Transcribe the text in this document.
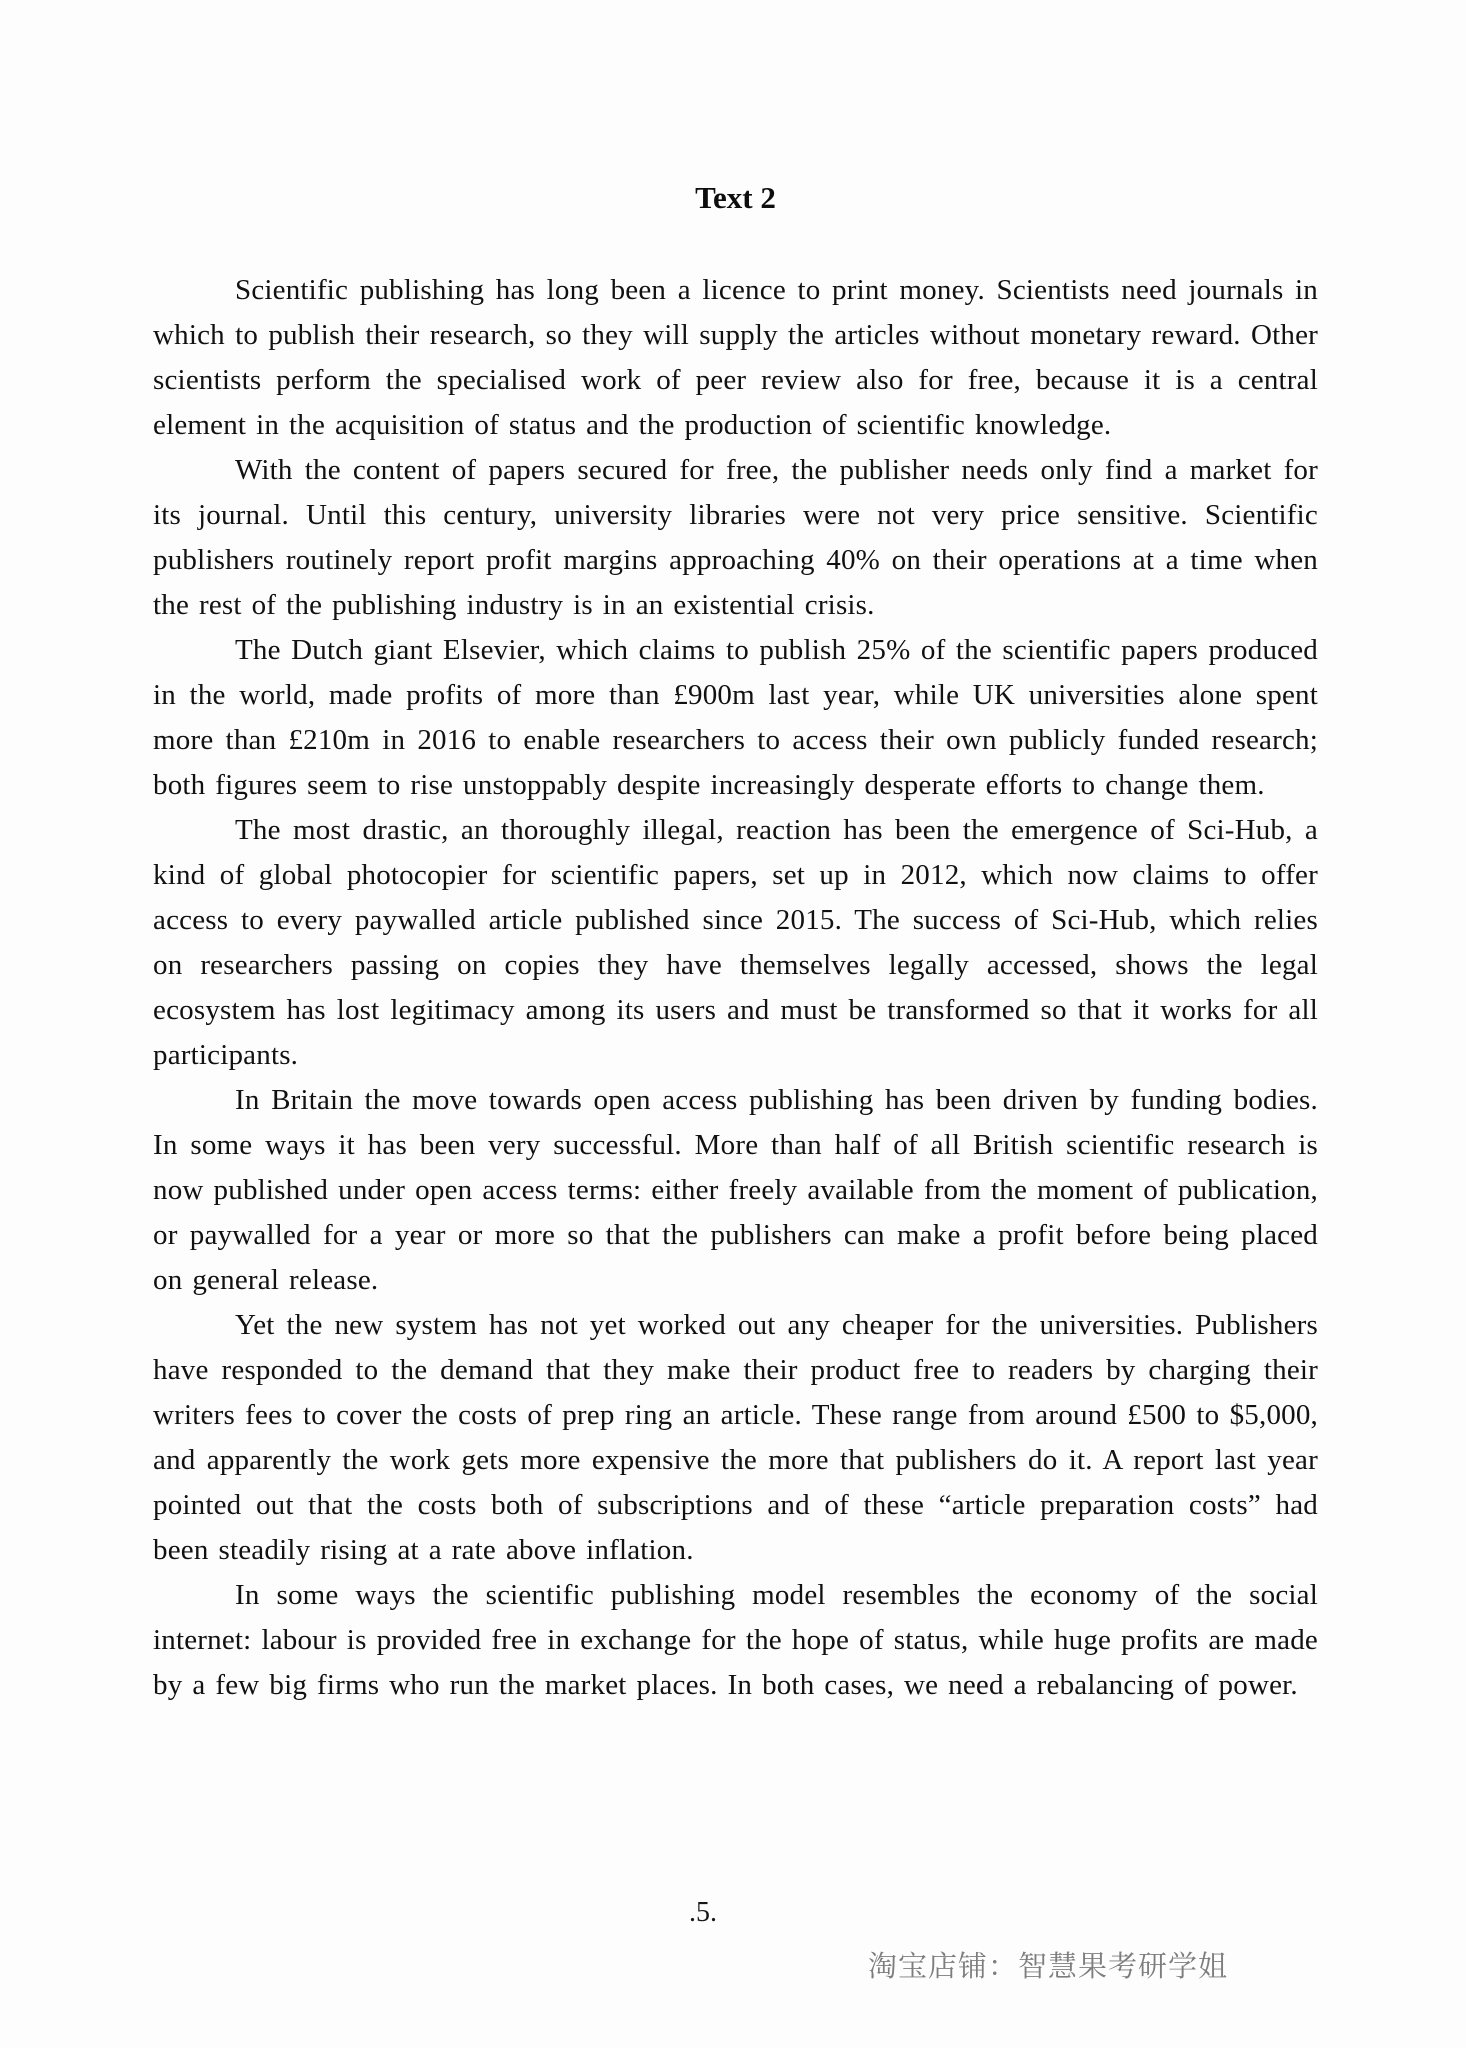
Text 2

Scientific publishing has long been a licence to print money. Scientists need journals in which to publish their research, so they will supply the articles without monetary reward. Other scientists perform the specialised work of peer review also for free, because it is a central element in the acquisition of status and the production of scientific knowledge.

With the content of papers secured for free, the publisher needs only find a market for its journal. Until this century, university libraries were not very price sensitive. Scientific publishers routinely report profit margins approaching 40% on their operations at a time when the rest of the publishing industry is in an existential crisis.

The Dutch giant Elsevier, which claims to publish 25% of the scientific papers produced in the world, made profits of more than £900m last year, while UK universities alone spent more than £210m in 2016 to enable researchers to access their own publicly funded research; both figures seem to rise unstoppably despite increasingly desperate efforts to change them.

The most drastic, an thoroughly illegal, reaction has been the emergence of Sci-Hub, a kind of global photocopier for scientific papers, set up in 2012, which now claims to offer access to every paywalled article published since 2015. The success of Sci-Hub, which relies on researchers passing on copies they have themselves legally accessed, shows the legal ecosystem has lost legitimacy among its users and must be transformed so that it works for all participants.

In Britain the move towards open access publishing has been driven by funding bodies. In some ways it has been very successful. More than half of all British scientific research is now published under open access terms: either freely available from the moment of publication, or paywalled for a year or more so that the publishers can make a profit before being placed on general release.

Yet the new system has not yet worked out any cheaper for the universities. Publishers have responded to the demand that they make their product free to readers by charging their writers fees to cover the costs of prep ring an article. These range from around £500 to $5,000, and apparently the work gets more expensive the more that publishers do it. A report last year pointed out that the costs both of subscriptions and of these “article preparation costs” had been steadily rising at a rate above inflation.

In some ways the scientific publishing model resembles the economy of the social internet: labour is provided free in exchange for the hope of status, while huge profits are made by a few big firms who run the market places. In both cases, we need a rebalancing of power.

.5.
淘宝店铺：智慧果考研学姐
